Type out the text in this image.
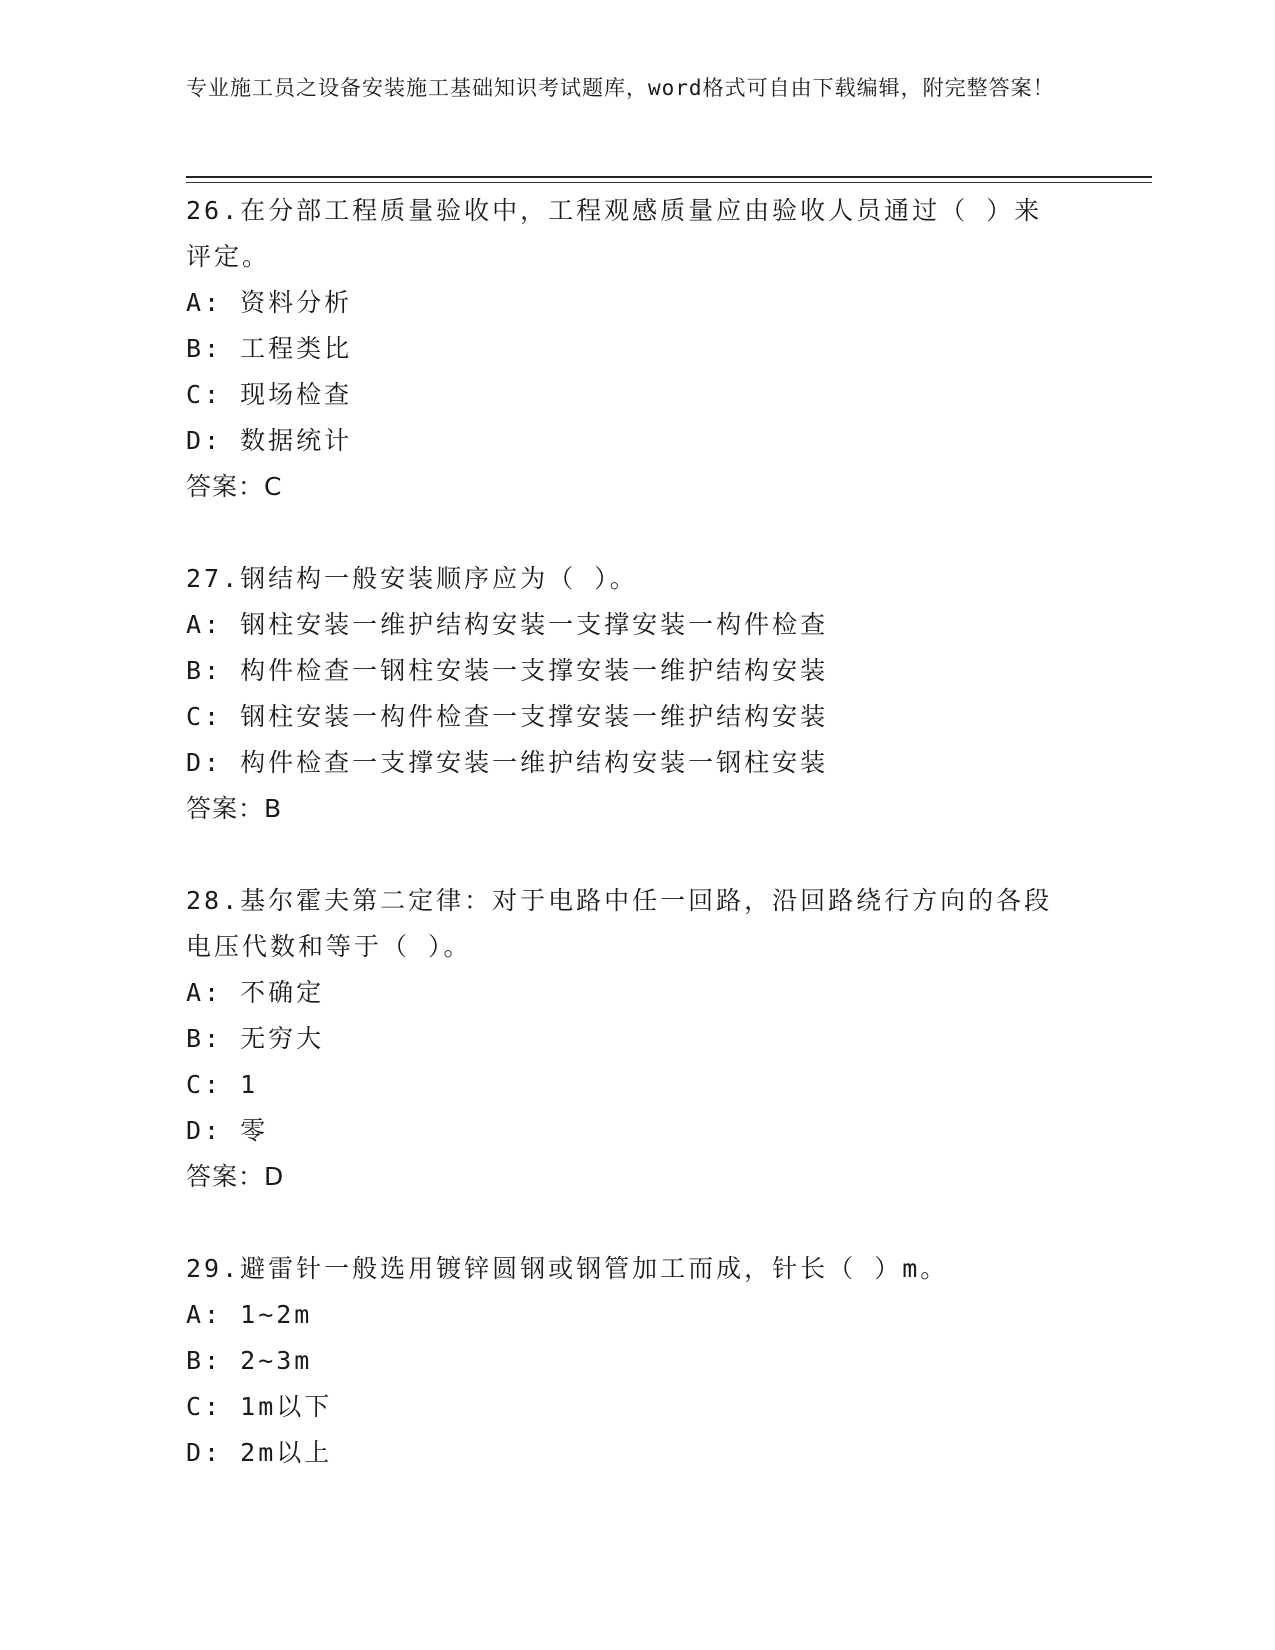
专业施工员之设备安装施工基础知识考试题库，word格式可自由下载编辑，附完整答案！

26.在分部工程质量验收中，工程观感质量应由验收人员通过（ ）来评定。

A: 资料分析

B: 工程类比

C: 现场检查

D: 数据统计

答案：C

27.钢结构一般安装顺序应为（ ）。

A: 钢柱安装一维护结构安装一支撑安装一构件检查

B: 构件检查一钢柱安装一支撑安装一维护结构安装

C: 钢柱安装一构件检查一支撑安装一维护结构安装

D: 构件检查一支撑安装一维护结构安装一钢柱安装

答案：B

28.基尔霍夫第二定律：对于电路中任一回路，沿回路绕行方向的各段电压代数和等于（ ）。

A: 不确定

B: 无穷大

C: 1

D: 零

答案：D

29.避雷针一般选用镀锌圆钢或钢管加工而成，针长（ ）m。

A: 1~2m

B: 2~3m

C: 1m以下

D: 2m以上
